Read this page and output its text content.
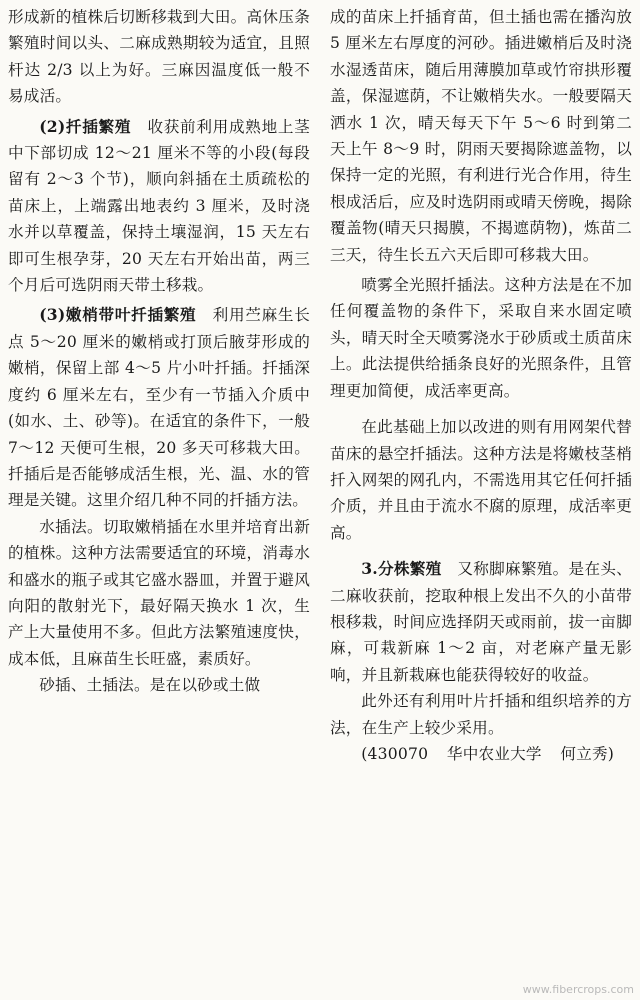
形成新的植株后切断移栽到大田。高休压条繁殖时间以头、二麻成熟期较为适宜，且照杆达 2/3 以上为好。三麻因温度低一般不易成活。

(2)扦插繁殖　收获前利用成熟地上茎中下部切成 12～21 厘米不等的小段(每段留有 2～3 个节)，顺向斜插在土质疏松的苗床上，上端露出地表约 3 厘米，及时浇水并以草覆盖，保持土壤湿润，15 天左右即可生根孕芽，20 天左右开始出苗，两三个月后可选阴雨天带土移栽。

(3)嫩梢带叶扦插繁殖　利用苎麻生长点 5～20 厘米的嫩梢或打顶后腋芽形成的嫩梢，保留上部 4～5 片小叶扦插。扦插深度约 6 厘米左右，至少有一节插入介质中(如水、土、砂等)。在适宜的条件下，一般 7～12 天便可生根，20 多天可移栽大田。扦插后是否能够成活生根，光、温、水的管理是关键。这里介绍几种不同的扦插方法。

水插法。切取嫩梢插在水里并培育出新的植株。这种方法需要适宜的环境，消毒水和盛水的瓶子或其它盛水器皿，并置于避风向阳的散射光下，最好隔天换水 1 次，生产上大量使用不多。但此方法繁殖速度快，成本低，且麻苗生长旺盛，素质好。

砂插、土插法。是在以砂或土做

成的苗床上扦插育苗，但土插也需在播沟放 5 厘米左右厚度的河砂。插进嫩梢后及时浇水湿透苗床，随后用薄膜加草或竹帘拱形覆盖，保湿遮荫，不让嫩梢失水。一般要隔天洒水 1 次，晴天每天下午 5～6 时到第二天上午 8～9 时，阴雨天要揭除遮盖物，以保持一定的光照，有利进行光合作用，待生根成活后，应及时选阴雨或晴天傍晚，揭除覆盖物(晴天只揭膜，不揭遮荫物)，炼苗二三天，待生长五六天后即可移栽大田。

喷雾全光照扦插法。这种方法是在不加任何覆盖物的条件下，采取自来水固定喷头，晴天时全天喷雾浇水于砂质或土质苗床上。此法提供给插条良好的光照条件，且管理更加简便，成活率更高。

在此基础上加以改进的则有用网架代替苗床的悬空扦插法。这种方法是将嫩枝茎梢扦入网架的网孔内，不需选用其它任何扦插介质，并且由于流水不腐的原理，成活率更高。

3.分株繁殖　又称脚麻繁殖。是在头、二麻收获前，挖取种根上发出不久的小苗带根移栽，时间应选择阴天或雨前，拔一亩脚麻，可栽新麻 1～2 亩，对老麻产量无影响，并且新栽麻也能获得较好的收益。

此外还有利用叶片扦插和组织培养的方法，在生产上较少采用。

(430070 华中农业大学 何立秀)

www.fibercrops.com
